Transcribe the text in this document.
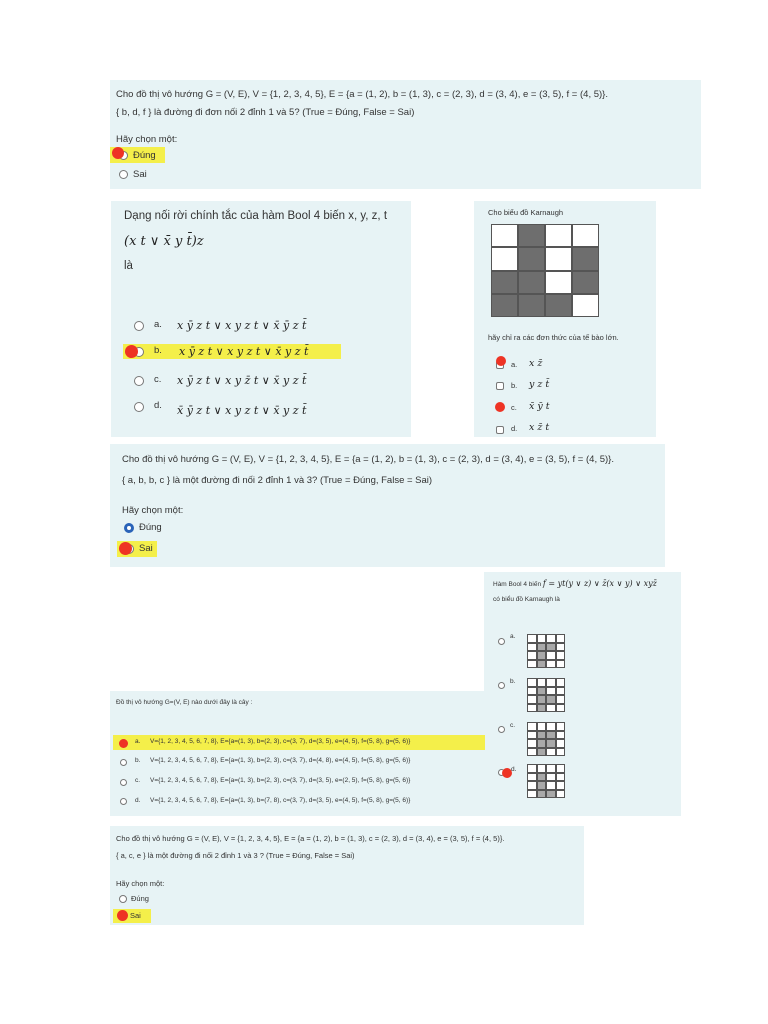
Cho đồ thị vô hướng G = (V, E), V = {1, 2, 3, 4, 5}, E = {a = (1, 2), b = (1, 3), c = (2, 3), d = (3, 4), e = (3, 5), f = (4, 5)}.
{ b, d, f } là đường đi đơn nối 2 đỉnh 1 và 5? (True = Đúng, False = Sai)
Hãy chọn một:
Đúng
Sai
Dạng nối rời chính tắc của hàm Bool 4 biến x, y, z, t
(x t ∨ x̄ y t̄)z
là
a. x ȳ z t ∨ x y z t ∨ x̄ ȳ z t̄
b. x ȳ z t ∨ x y z t ∨ x̄ y z t̄
c. x ȳ z t ∨ x y z̄ t ∨ x̄ y z t̄
d. x̄ ȳ z t ∨ x y z t ∨ x̄ y z t̄
Cho biểu đồ Karnaugh
hãy chỉ ra các đơn thức của tế bào lớn.
a. x z̄
b. y z t̄
c. x̄ ȳ t
d. x z̄ t
Cho đồ thị vô hướng G = (V, E), V = {1, 2, 3, 4, 5}, E = {a = (1, 2), b = (1, 3), c = (2, 3), d = (3, 4), e = (3, 5), f = (4, 5)}.
{ a, b, b, c } là một đường đi nối 2 đỉnh 1 và 3? (True = Đúng, False = Sai)
Hãy chọn một:
Đúng
Sai
Hàm Bool 4 biến f = yt(y ∨ z) ∨ z̄(x ∨ y) ∨ xyz̄
có biểu đồ Karnaugh là
a.
b.
c.
d.
Đồ thị vô hướng G=(V, E) nào dưới đây là cây :
a. V={1, 2, 3, 4, 5, 6, 7, 8}, E={a=(1, 3), b=(2, 3), c=(3, 7), d=(3, 5), e=(4, 5), f=(5, 8), g=(5, 6)}
b. V={1, 2, 3, 4, 5, 6, 7, 8}, E={a=(1, 3), b=(2, 3), c=(3, 7), d=(4, 8), e=(4, 5), f=(5, 8), g=(5, 6)}
c. V={1, 2, 3, 4, 5, 6, 7, 8}, E={a=(1, 3), b=(2, 3), c=(3, 7), d=(3, 5), e=(2, 5), f=(5, 8), g=(5, 6)}
d. V={1, 2, 3, 4, 5, 6, 7, 8}, E={a=(1, 3), b=(7, 8), c=(3, 7), d=(3, 5), e=(4, 5), f=(5, 8), g=(5, 6)}
Cho đồ thị vô hướng G = (V, E), V = {1, 2, 3, 4, 5}, E = {a = (1, 2), b = (1, 3), c = (2, 3), d = (3, 4), e = (3, 5), f = (4, 5)}.
{ a, c, e } là một đường đi nối 2 đỉnh 1 và 3 ? (True = Đúng, False = Sai)
Hãy chọn một:
Đúng
Sai
